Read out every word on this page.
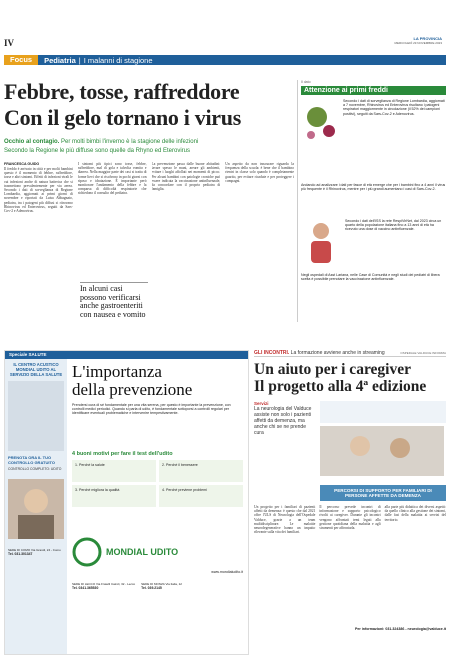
IV	LA PROVINCIA
MERCOLEDÌ 29 NOVEMBRE 2023
Focus	Pediatria | I malanni di stagione
Febbre, tosse, raffreddore
Con il gelo tornano i virus
Occhio al contagio. Per molti bimbi l'inverno è la stagione delle infezioni
Secondo la Regione le più diffuse sono quelle da Rhyno ed Eterovirus
FRANCESCA GUIDO

Il freddo è arrivato in città e per molti bambini questo è il momento di febbre, raffreddore, tosse e altri sintomi. Effetti di infezioni virali le cui infezioni anche di natura batterica che si trasmettono prevalentemente per via aerea. Secondo i dati di sorveglianza di Regione Lombardia, aggiornati ai primi giorni di novembre e riportati da Luisa Abbagnato, pediatra, tra i patogeni più diffusi si ritrovano Rhinovirus ed Enterovirus, seguiti da Sars-Cov-2 e Adenovirus.

I sintomi più tipici sono tosse, febbre, raffreddore, mal di gola e talvolta vomito e diarrea. Nella maggior parte dei casi si tratta di forme lievi che si risolvono in pochi giorni con riposo e idratazione. È importante però monitorare l'andamento della febbre e la comparsa di difficoltà respiratorie che richiedono il consulto del pediatra.

La prevenzione passa dalle buone abitudini: lavare spesso le mani, areare gli ambienti, evitare i luoghi affollati nei momenti di picco. Per alcuni bambini con patologie croniche può essere indicata la vaccinazione antinfluenzale, da concordare con il proprio pediatra di famiglia.

Un aspetto da non trascurare riguarda la frequenza della scuola: è bene che il bambino rientri in classe solo quando è completamente guarito, per evitare ricadute e per proteggere i compagni.

In alcuni casi possono verificarsi anche gastroenteriti con nausea e vomito
Il dato
Attenzione ai primi freddi

Secondo i dati di sorveglianza di Regione Lombardia, aggiornati a 7 novembre, Rhinovirus ed Enterovirus risultano i patogeni respiratori maggiormente in circolazione (il 52% dei campioni positivi), seguiti da Sars-Cov-2 e Adenovirus.

Andando ad analizzare i dati per fasce di età emerge che per i bambini fino a 4 anni il virus più frequente è il Rhinovirus, mentre per i più grandi aumentano i casi di Sars-Cov-2.

Secondo i dati dell'ISS la rete RespiVirNet, dal 2023 circa un quarto della popolazione italiana fino a 13 anni di età ha ricevuto una dose di vaccino antinfluenzale.

Negli ospedali di Asst Lariana, nelle Case di Comunità e negli studi dei pediatri di libera scelta è possibile prenotare la vaccinazione antinfluenzale.

Speciale SALUTE
IL CENTRO ACUSTICO MONDIAL UDITO AL SERVIZIO DELLA SALUTE
PRENOTA ORA IL TUO CONTROLLO GRATUITO
CONTROLLO COMPLETO: UDITO
SEDE DI COMO Via Grandi, 24 - Como
Tel. 031.301347
L'importanza
della prevenzione

Prendersi cura di sé fondamentale per una vita serena, per questo è importante la prevenzione, con controlli medici periodici. Quando si parla di udito, è fondamentale sottoporsi a controlli regolari per identificare eventuali problematiche e intervenire tempestivamente.

4 buoni motivi per fare il test dell'udito
1. Perché la salute	2. Perché il benessere
3. Perché migliora la qualità	4. Perché previene problemi
MONDIAL UDITO
www.mondialudito.it
SEDE DI LECCO Via Fratelli Cairoli, 32 - Lecco
Tel. 0341.365530
SEDE DI MONZA Via Italia, 12
Tel. 039.2145
GLI INCONTRI. La formazione avviene anche in streaming	OSPEDALE VALDUCE INFORMA
Un aiuto per i caregiver
Il progetto alla 4ª edizione
Servizi

La neurologia del Valduce assiste non solo i pazienti affetti da demenza, ma anche chi se ne prende cura

PERCORSI DI SUPPORTO PER FAMILIARI DI PERSONE AFFETTE DA DEMENZA

Un progetto per i familiari di pazienti affetti da demenza: è questo che dal 2021 offre l'ULS di Neurologia dell'Ospedale Valduce, grazie a un team multidisciplinare. Le malattie neurodegenerative hanno un impatto rilevante sulla vita dei familiari.

Il percorso prevede incontri di informazione e supporto psicologico rivolti ai caregiver. Durante gli incontri vengono affrontati temi legati alla gestione quotidiana della malattia e agli strumenti per affrontarla.

alla parte più didattica dei diversi aspetti: da quello clinico alla gestione dei sintomi, dalle fasi della malattia ai servizi del territorio.

Per informazioni: 031.324386 - neurologia@valduce.it
